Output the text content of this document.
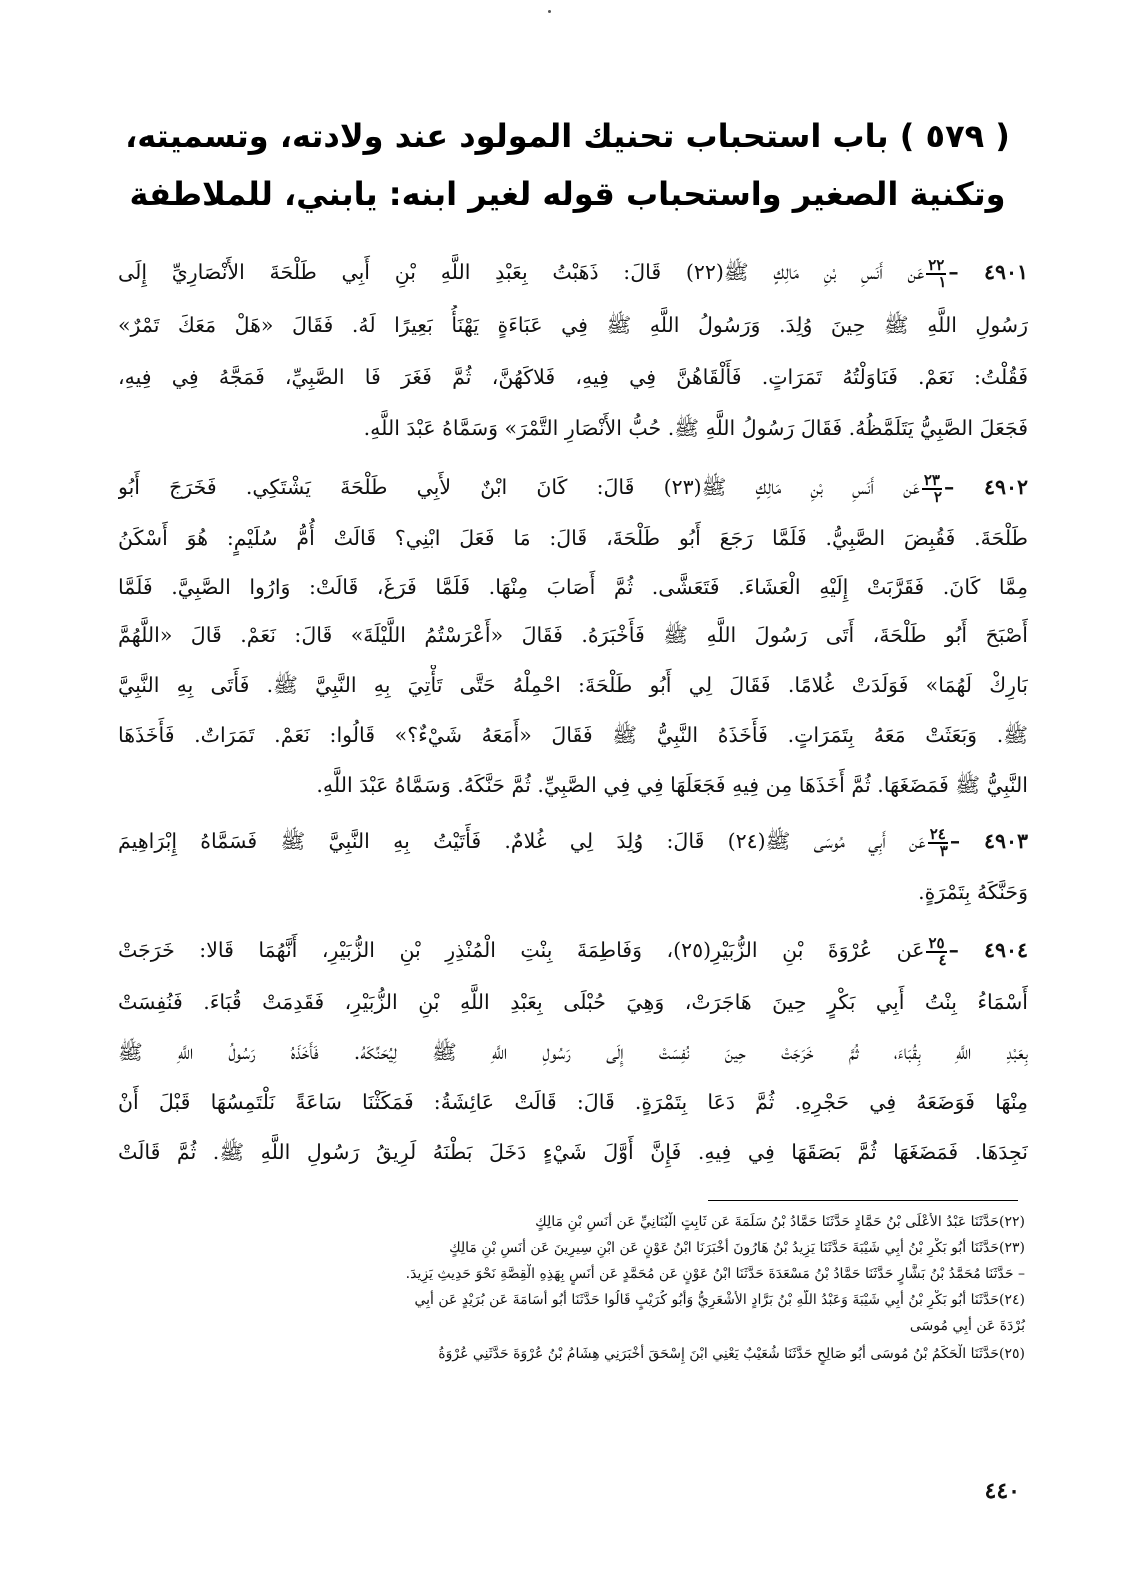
( ٥٧٩ ) باب استحباب تحنيك المولود عند ولادته، وتسميته،
وتكنية الصغير واستحباب قوله لغير ابنه: يابني، للملاطفة
٤٩٠١ –
$\frac{٢٢}{١}$
عَن أَنَسِ بْنِ مَالِكٍ ﷺ(٢٢) قَالَ: ذَهَبْتُ بِعَبْدِ اللَّهِ بْنِ أَبِي طَلْحَةَ الأَنْصَارِيِّ إِلَى
رَسُولِ اللَّهِ ﷺ حِينَ وُلِدَ. وَرَسُولُ اللَّهِ ﷺ فِي عَبَاءَةٍ يَهْنَأُ بَعِيرًا لَهُ. فَقَالَ «هَلْ مَعَكَ تَمْرٌ»
فَقُلْتُ: نَعَمْ. فَنَاوَلْتُهُ تَمَرَاتٍ. فَأَلْقَاهُنَّ فِي فِيهِ، فَلاكَهُنَّ، ثُمَّ فَغَرَ فَا الصَّبِيِّ، فَمَجَّهُ فِي فِيهِ،
فَجَعَلَ الصَّبِيُّ يَتَلَمَّظُهُ. فَقَالَ رَسُولُ اللَّهِ ﷺ. حُبُّ الأَنْصَارِ التَّمْرَ» وَسَمَّاهُ عَبْدَ اللَّهِ.
٤٩٠٢ –
$\frac{٢٣}{٢}$
عَن أَنَسِ بْنِ مَالِكٍ ﷺ(٢٣) قَالَ: كَانَ ابْنٌ لأَبِي طَلْحَةَ يَشْتَكِي. فَخَرَجَ أَبُو
طَلْحَةَ. فَقُبِضَ الصَّبِيُّ. فَلَمَّا رَجَعَ أَبُو طَلْحَةَ، قَالَ: مَا فَعَلَ ابْنِي؟ قَالَتْ أُمُّ سُلَيْمٍ: هُوَ أَسْكَنُ
مِمَّا كَانَ. فَقَرَّبَتْ إِلَيْهِ الْعَشَاءَ. فَتَعَشَّى. ثُمَّ أَصَابَ مِنْهَا. فَلَمَّا فَرَغَ، قَالَتْ: وَارُوا الصَّبِيَّ. فَلَمَّا
أَصْبَحَ أَبُو طَلْحَةَ، أَتَى رَسُولَ اللَّهِ ﷺ فَأَخْبَرَهُ. فَقَالَ «أَعْرَسْتُمُ اللَّيْلَةَ» قَالَ: نَعَمْ. قَالَ «اللَّهُمَّ
بَارِكْ لَهُمَا» فَوَلَدَتْ غُلامًا. فَقَالَ لِي أَبُو طَلْحَةَ: احْمِلْهُ حَتَّى تَأْتِيَ بِهِ النَّبِيَّ ﷺ. فَأَتَى بِهِ النَّبِيَّ
ﷺ. وَبَعَثَتْ مَعَهُ بِتَمَرَاتٍ. فَأَخَذَهُ النَّبِيُّ ﷺ فَقَالَ «أَمَعَهُ شَيْءٌ؟» قَالُوا: نَعَمْ. تَمَرَاتٌ. فَأَخَذَهَا
النَّبِيُّ ﷺ فَمَضَغَهَا. ثُمَّ أَخَذَهَا مِن فِيهِ فَجَعَلَهَا فِي فِي الصَّبِيِّ. ثُمَّ حَنَّكَهُ. وَسَمَّاهُ عَبْدَ اللَّهِ.
٤٩٠٣ –
$\frac{٢٤}{٣}$
عَن أَبِي مُوسَى ﷺ(٢٤) قَالَ: وُلِدَ لِي غُلامٌ. فَأَتَيْتُ بِهِ النَّبِيَّ ﷺ فَسَمَّاهُ إِبْرَاهِيمَ
وَحَنَّكَهُ بِتَمْرَةٍ.
٤٩٠٤ –
$\frac{٢٥}{٤}$
عَن عُرْوَةَ بْنِ الزُّبَيْرِ(٢٥)، وَفَاطِمَةَ بِنْتِ الْمُنْذِرِ بْنِ الزُّبَيْرِ، أَنَّهُمَا قَالا: خَرَجَتْ
أَسْمَاءُ بِنْتُ أَبِي بَكْرٍ حِينَ هَاجَرَتْ، وَهِيَ حُبْلَى بِعَبْدِ اللَّهِ بْنِ الزُّبَيْرِ، فَقَدِمَتْ قُبَاءَ. فَنُفِسَتْ
بِعَبْدِ اللَّهِ بِقُبَاءَ، ثُمَّ خَرَجَتْ حِينَ نُفِسَتْ إِلَى رَسُولِ اللَّهِ ﷺ لِيُحَنِّكَهُ. فَأَخَذَهُ رَسُولُ اللَّهِ ﷺ
مِنْهَا فَوَضَعَهُ فِي حَجْرِهِ. ثُمَّ دَعَا بِتَمْرَةٍ. قَالَ: قَالَتْ عَائِشَةُ: فَمَكَثْنَا سَاعَةً نَلْتَمِسُهَا قَبْلَ أَنْ
نَجِدَهَا. فَمَضَغَهَا ثُمَّ بَصَقَهَا فِي فِيهِ. فَإِنَّ أَوَّلَ شَيْءٍ دَخَلَ بَطْنَهُ لَرِيقُ رَسُولِ اللَّهِ ﷺ. ثُمَّ قَالَتْ
(٢٢)حَدَّثَنَا عَبْدُ الأَعْلَى بْنُ حَمَّادٍ حَدَّثَنَا حَمَّادُ بْنُ سَلَمَةَ عَن ثَابِتٍ الْبُنَانِيِّ عَن أَنَسِ بْنِ مَالِكٍ
(٢٣)حَدَّثَنَا أَبُو بَكْرِ بْنُ أَبِي شَيْبَةَ حَدَّثَنَا يَزِيدُ بْنُ هَارُونَ أَخْبَرَنَا ابْنُ عَوْنٍ عَن ابْنِ سِيرِينَ عَن أَنَسِ بْنِ مَالِكٍ
– حَدَّثَنَا مُحَمَّدُ بْنُ بَشَّارٍ حَدَّثَنَا حَمَّادُ بْنُ مَسْعَدَةَ حَدَّثَنَا ابْنُ عَوْنٍ عَن مُحَمَّدٍ عَن أَنَسٍ بِهَذِهِ الْقِصَّةِ نَحْوَ حَدِيثِ يَزِيدَ.
(٢٤)حَدَّثَنَا أَبُو بَكْرِ بْنُ أَبِي شَيْبَةَ وَعَبْدُ اللَّهِ بْنُ بَرَّادٍ الأَشْعَرِيُّ وَأَبُو كُرَيْبٍ قَالُوا حَدَّثَنَا أَبُو أُسَامَةَ عَن بُرَيْدٍ عَن أَبِي
بُرْدَةَ عَن أَبِي مُوسَى
(٢٥)حَدَّثَنَا الْحَكَمُ بْنُ مُوسَى أَبُو صَالِحٍ حَدَّثَنَا شُعَيْبٌ يَعْنِي ابْنَ إِسْحَقَ أَخْبَرَنِي هِشَامُ بْنُ عُرْوَةَ حَدَّثَنِي عُرْوَةُ
٤٤٠
